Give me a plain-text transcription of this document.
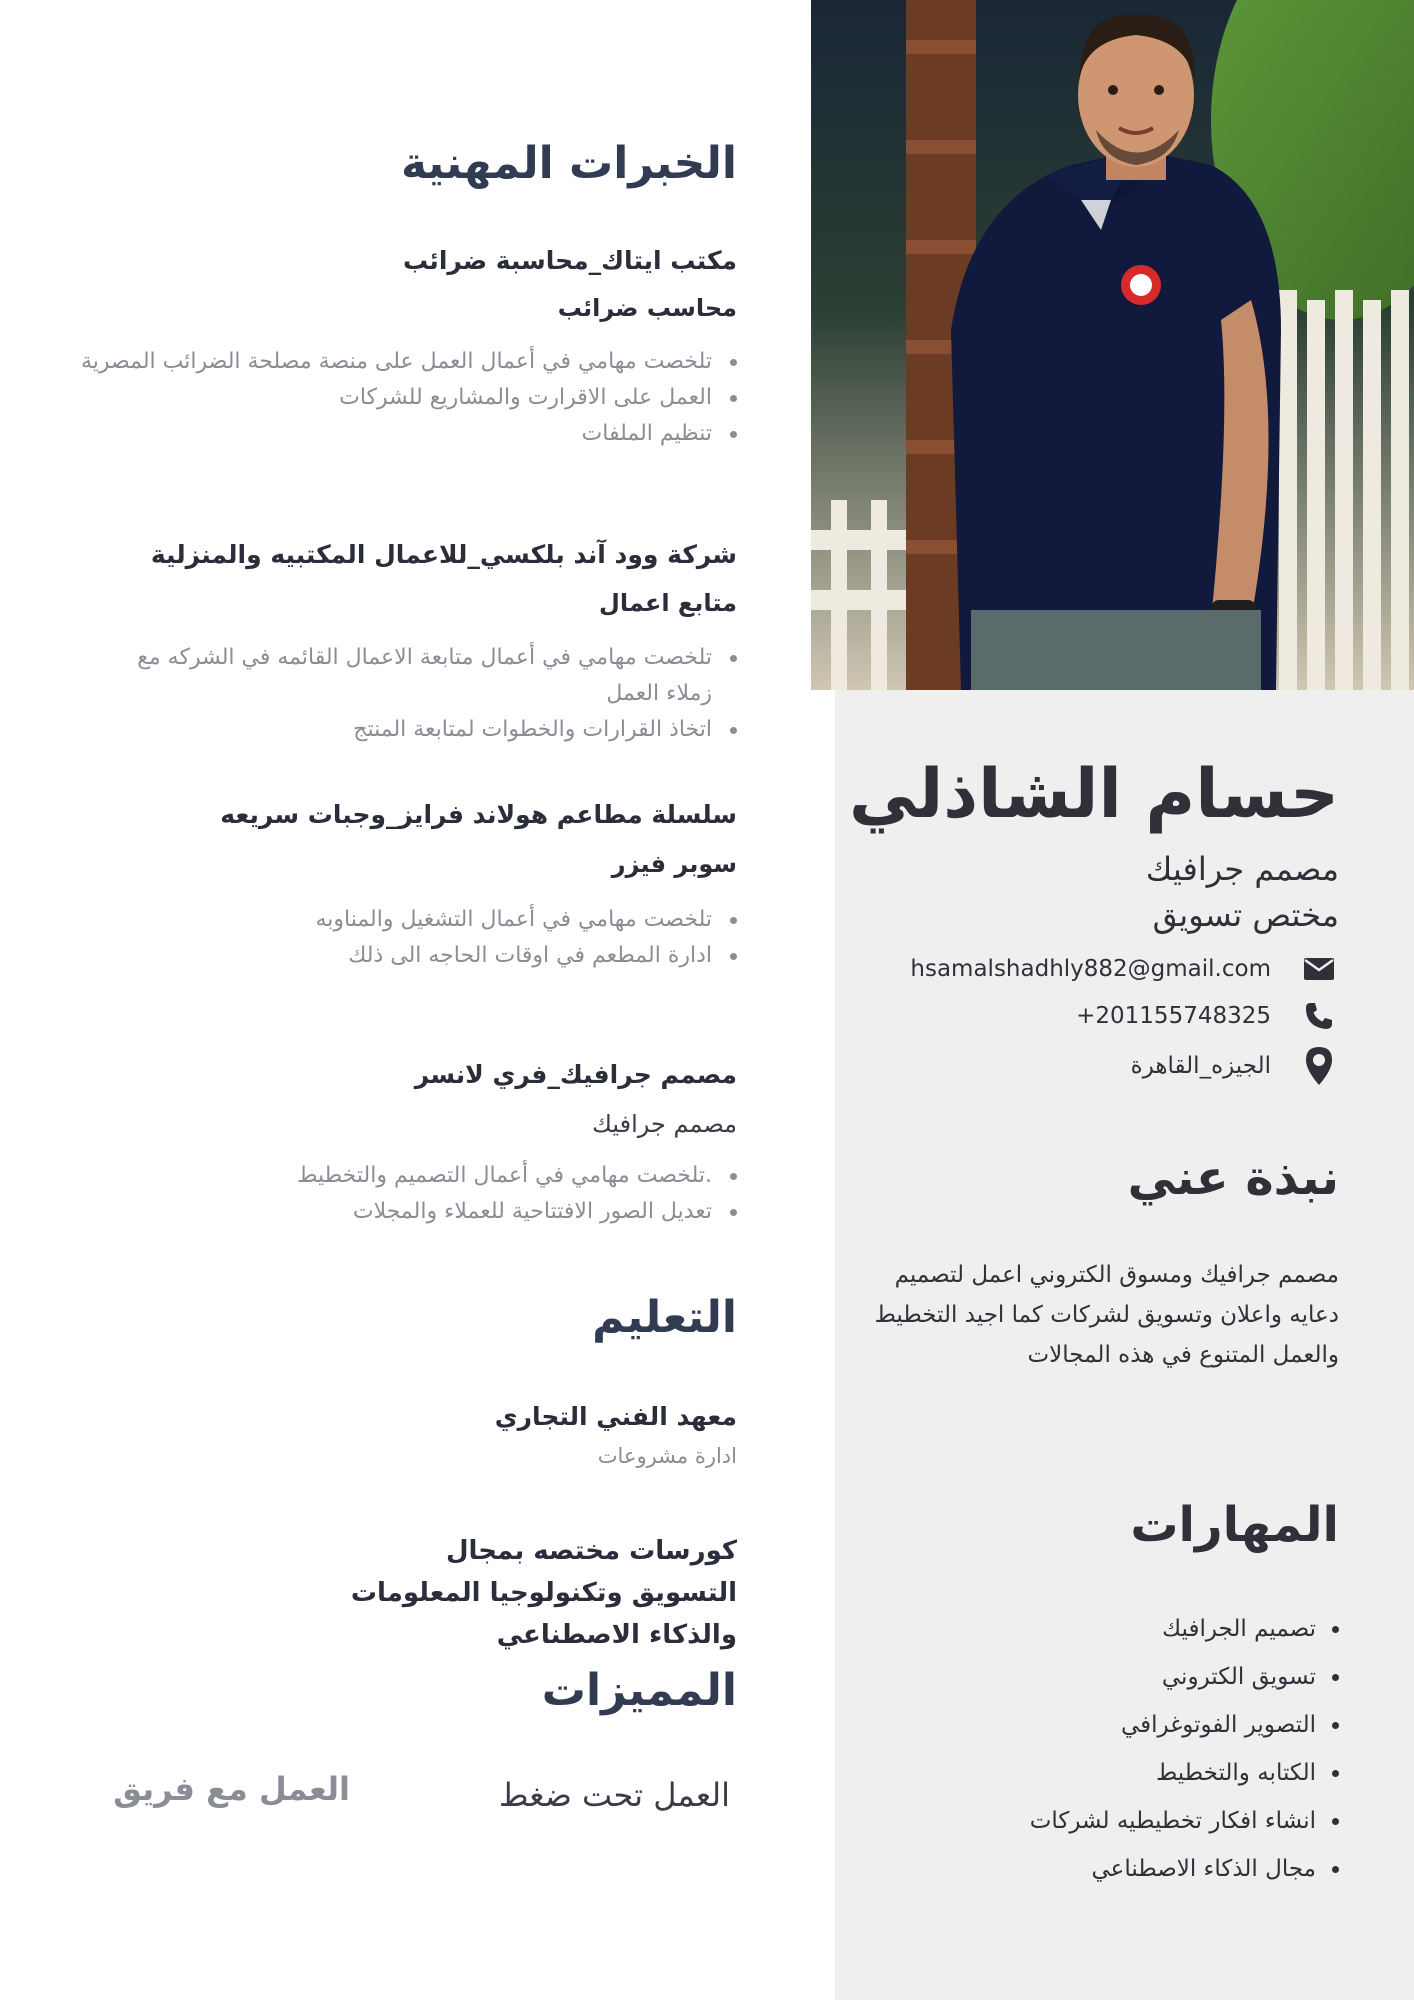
حسام الشاذلي
مصمم جرافيك
مختص تسويق
hsamalshadhly882@gmail.com
+201155748325
الجيزه_القاهرة
نبذة عني
مصمم جرافيك ومسوق الكتروني اعمل لتصميم دعايه واعلان وتسويق لشركات كما اجيد التخطيط والعمل المتنوع في هذه المجالات
المهارات
تصميم الجرافيك
تسويق الكتروني
التصوير الفوتوغرافي
الكتابه والتخطيط
انشاء افكار تخطيطيه لشركات
مجال الذكاء الاصطناعي
الخبرات المهنية
مكتب ايتاك_محاسبة ضرائب
محاسب ضرائب
تلخصت مهامي في أعمال العمل على منصة مصلحة الضرائب المصرية
العمل على الاقرارت والمشاريع للشركات
تنظيم الملفات
شركة وود آند بلكسي_للاعمال المكتبيه والمنزلية
متابع اعمال
تلخصت مهامي في أعمال متابعة الاعمال القائمه في الشركه مع زملاء العمل
اتخاذ القرارات والخطوات لمتابعة المنتج
سلسلة مطاعم هولاند فرايز_وجبات سريعه
سوبر فيزر
تلخصت مهامي في أعمال التشغيل والمناوبه
ادارة المطعم في اوقات الحاجه الى ذلك
مصمم جرافيك_فري لانسر
مصمم جرافيك
تلخصت مهامي في أعمال التصميم والتخطيط.
تعديل الصور الافتتاحية للعملاء والمجلات
التعليم
معهد الفني التجاري
ادارة مشروعات
كورسات مختصه بمجال التسويق وتكنولوجيا المعلومات والذكاء الاصطناعي
المميزات
العمل تحت ضغط
العمل مع فريق
